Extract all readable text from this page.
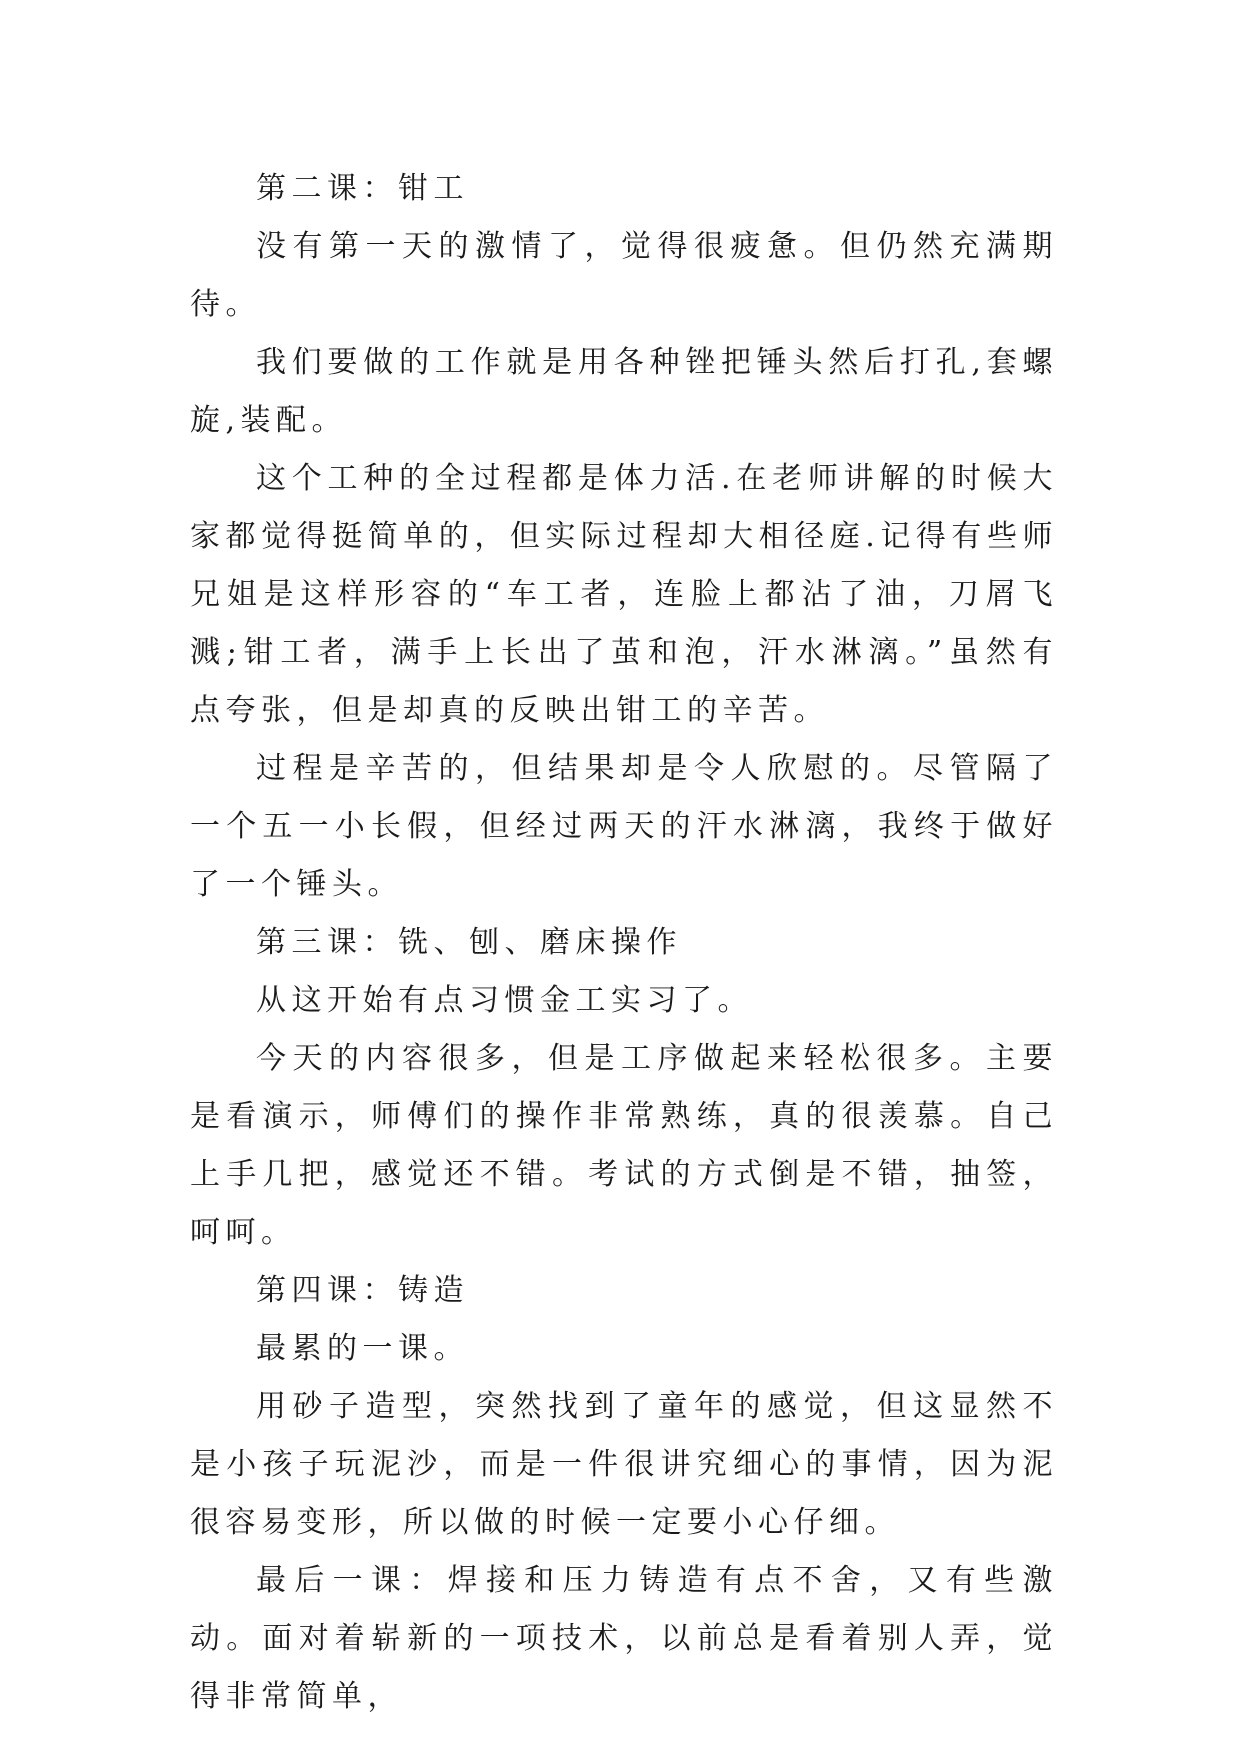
第二课：钳工

没有第一天的激情了，觉得很疲惫。但仍然充满期待。

我们要做的工作就是用各种锉把锤头然后打孔,套螺旋,装配。

这个工种的全过程都是体力活.在老师讲解的时候大家都觉得挺简单的，但实际过程却大相径庭.记得有些师兄姐是这样形容的“车工者，连脸上都沾了油，刀屑飞溅;钳工者，满手上长出了茧和泡，汗水淋漓。”虽然有点夸张，但是却真的反映出钳工的辛苦。

过程是辛苦的，但结果却是令人欣慰的。尽管隔了一个五一小长假，但经过两天的汗水淋漓，我终于做好了一个锤头。

第三课：铣、刨、磨床操作

从这开始有点习惯金工实习了。

今天的内容很多，但是工序做起来轻松很多。主要是看演示，师傅们的操作非常熟练，真的很羡慕。自己上手几把，感觉还不错。考试的方式倒是不错，抽签，呵呵。

第四课：铸造

最累的一课。

用砂子造型，突然找到了童年的感觉，但这显然不是小孩子玩泥沙，而是一件很讲究细心的事情，因为泥很容易变形，所以做的时候一定要小心仔细。

最后一课：焊接和压力铸造有点不舍，又有些激动。面对着崭新的一项技术，以前总是看着别人弄，觉得非常简单，
